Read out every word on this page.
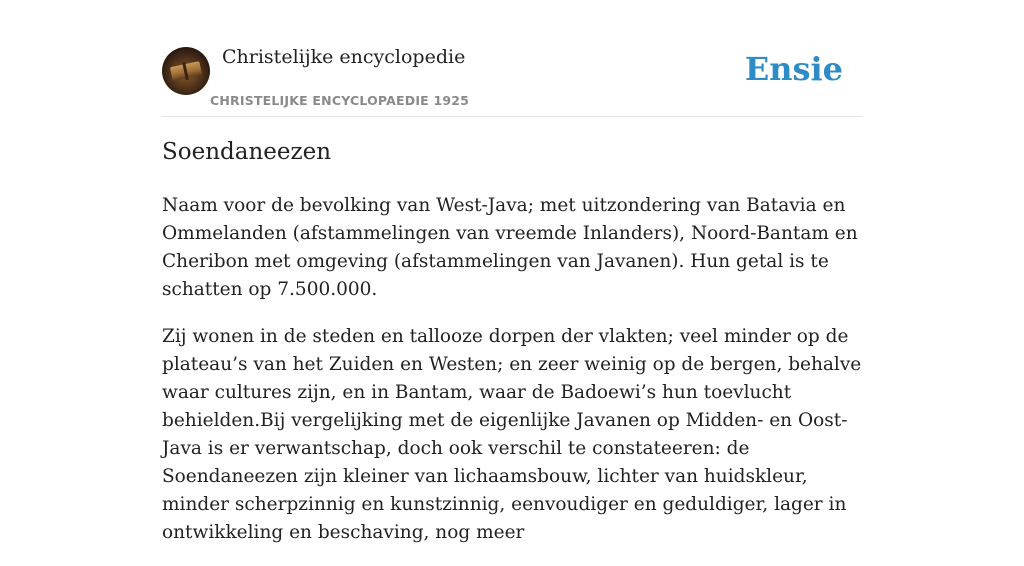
Christelijke encyclopedie
CHRISTELIJKE ENCYCLOPAEDIE 1925
Ensie
Soendaneezen

Naam voor de bevolking van West-Java; met uitzondering van Batavia en Ommelanden (afstammelingen van vreemde Inlanders), Noord-Bantam en Cheribon met omgeving (afstammelingen van Javanen). Hun getal is te schatten op 7.500.000.

Zij wonen in de steden en tallooze dorpen der vlakten; veel minder op de plateau’s van het Zuiden en Westen; en zeer weinig op de bergen, behalve waar cultures zijn, en in Bantam, waar de Badoewi’s hun toevlucht behielden.Bij vergelijking met de eigenlijke Javanen op Midden- en Oost-Java is er verwantschap, doch ook verschil te constateeren: de Soendaneezen zijn kleiner van lichaamsbouw, lichter van huidskleur, minder scherpzinnig en kunstzinnig, eenvoudiger en geduldiger, lager in ontwikkeling en beschaving, nog meer
